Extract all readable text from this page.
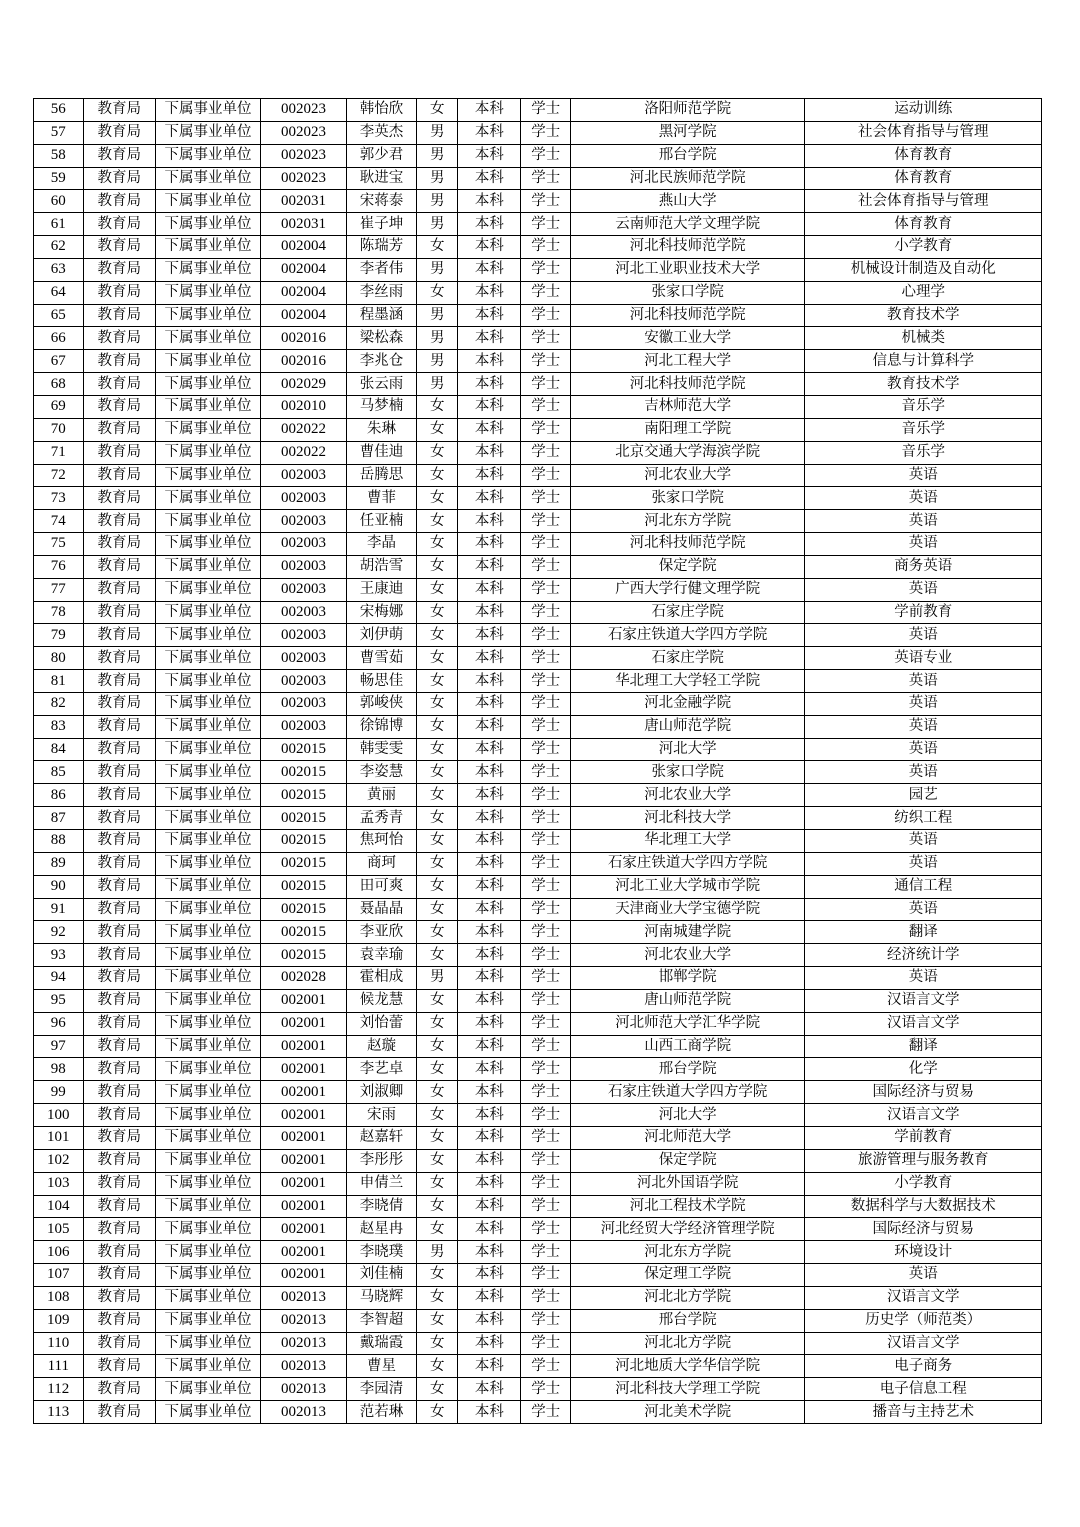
56	教育局	下属事业单位	002023	韩怡欣	女	本科	学士	洛阳师范学院	运动训练
57	教育局	下属事业单位	002023	李英杰	男	本科	学士	黑河学院	社会体育指导与管理
58	教育局	下属事业单位	002023	郭少君	男	本科	学士	邢台学院	体育教育
59	教育局	下属事业单位	002023	耿进宝	男	本科	学士	河北民族师范学院	体育教育
60	教育局	下属事业单位	002031	宋蒋泰	男	本科	学士	燕山大学	社会体育指导与管理
61	教育局	下属事业单位	002031	崔子坤	男	本科	学士	云南师范大学文理学院	体育教育
62	教育局	下属事业单位	002004	陈瑞芳	女	本科	学士	河北科技师范学院	小学教育
63	教育局	下属事业单位	002004	李者伟	男	本科	学士	河北工业职业技术大学	机械设计制造及自动化
64	教育局	下属事业单位	002004	李丝雨	女	本科	学士	张家口学院	心理学
65	教育局	下属事业单位	002004	程墨涵	男	本科	学士	河北科技师范学院	教育技术学
66	教育局	下属事业单位	002016	梁松森	男	本科	学士	安徽工业大学	机械类
67	教育局	下属事业单位	002016	李兆仓	男	本科	学士	河北工程大学	信息与计算科学
68	教育局	下属事业单位	002029	张云雨	男	本科	学士	河北科技师范学院	教育技术学
69	教育局	下属事业单位	002010	马梦楠	女	本科	学士	吉林师范大学	音乐学
70	教育局	下属事业单位	002022	朱琳	女	本科	学士	南阳理工学院	音乐学
71	教育局	下属事业单位	002022	曹佳迪	女	本科	学士	北京交通大学海滨学院	音乐学
72	教育局	下属事业单位	002003	岳腾思	女	本科	学士	河北农业大学	英语
73	教育局	下属事业单位	002003	曹菲	女	本科	学士	张家口学院	英语
74	教育局	下属事业单位	002003	任亚楠	女	本科	学士	河北东方学院	英语
75	教育局	下属事业单位	002003	李晶	女	本科	学士	河北科技师范学院	英语
76	教育局	下属事业单位	002003	胡浩雪	女	本科	学士	保定学院	商务英语
77	教育局	下属事业单位	002003	王康迪	女	本科	学士	广西大学行健文理学院	英语
78	教育局	下属事业单位	002003	宋梅娜	女	本科	学士	石家庄学院	学前教育
79	教育局	下属事业单位	002003	刘伊萌	女	本科	学士	石家庄铁道大学四方学院	英语
80	教育局	下属事业单位	002003	曹雪茹	女	本科	学士	石家庄学院	英语专业
81	教育局	下属事业单位	002003	畅思佳	女	本科	学士	华北理工大学轻工学院	英语
82	教育局	下属事业单位	002003	郭峻侠	女	本科	学士	河北金融学院	英语
83	教育局	下属事业单位	002003	徐锦博	女	本科	学士	唐山师范学院	英语
84	教育局	下属事业单位	002015	韩雯雯	女	本科	学士	河北大学	英语
85	教育局	下属事业单位	002015	李姿慧	女	本科	学士	张家口学院	英语
86	教育局	下属事业单位	002015	黄丽	女	本科	学士	河北农业大学	园艺
87	教育局	下属事业单位	002015	孟秀青	女	本科	学士	河北科技大学	纺织工程
88	教育局	下属事业单位	002015	焦珂怡	女	本科	学士	华北理工大学	英语
89	教育局	下属事业单位	002015	商珂	女	本科	学士	石家庄铁道大学四方学院	英语
90	教育局	下属事业单位	002015	田可爽	女	本科	学士	河北工业大学城市学院	通信工程
91	教育局	下属事业单位	002015	聂晶晶	女	本科	学士	天津商业大学宝德学院	英语
92	教育局	下属事业单位	002015	李亚欣	女	本科	学士	河南城建学院	翻译
93	教育局	下属事业单位	002015	袁幸瑜	女	本科	学士	河北农业大学	经济统计学
94	教育局	下属事业单位	002028	霍相成	男	本科	学士	邯郸学院	英语
95	教育局	下属事业单位	002001	候龙慧	女	本科	学士	唐山师范学院	汉语言文学
96	教育局	下属事业单位	002001	刘怡蕾	女	本科	学士	河北师范大学汇华学院	汉语言文学
97	教育局	下属事业单位	002001	赵璇	女	本科	学士	山西工商学院	翻译
98	教育局	下属事业单位	002001	李艺卓	女	本科	学士	邢台学院	化学
99	教育局	下属事业单位	002001	刘淑卿	女	本科	学士	石家庄铁道大学四方学院	国际经济与贸易
100	教育局	下属事业单位	002001	宋雨	女	本科	学士	河北大学	汉语言文学
101	教育局	下属事业单位	002001	赵嘉轩	女	本科	学士	河北师范大学	学前教育
102	教育局	下属事业单位	002001	李彤彤	女	本科	学士	保定学院	旅游管理与服务教育
103	教育局	下属事业单位	002001	申倩兰	女	本科	学士	河北外国语学院	小学教育
104	教育局	下属事业单位	002001	李晓倩	女	本科	学士	河北工程技术学院	数据科学与大数据技术
105	教育局	下属事业单位	002001	赵星冉	女	本科	学士	河北经贸大学经济管理学院	国际经济与贸易
106	教育局	下属事业单位	002001	李晓璞	男	本科	学士	河北东方学院	环境设计
107	教育局	下属事业单位	002001	刘佳楠	女	本科	学士	保定理工学院	英语
108	教育局	下属事业单位	002013	马晓辉	女	本科	学士	河北北方学院	汉语言文学
109	教育局	下属事业单位	002013	李智超	女	本科	学士	邢台学院	历史学（师范类）
110	教育局	下属事业单位	002013	戴瑞霞	女	本科	学士	河北北方学院	汉语言文学
111	教育局	下属事业单位	002013	曹星	女	本科	学士	河北地质大学华信学院	电子商务
112	教育局	下属事业单位	002013	李园清	女	本科	学士	河北科技大学理工学院	电子信息工程
113	教育局	下属事业单位	002013	范若琳	女	本科	学士	河北美术学院	播音与主持艺术
